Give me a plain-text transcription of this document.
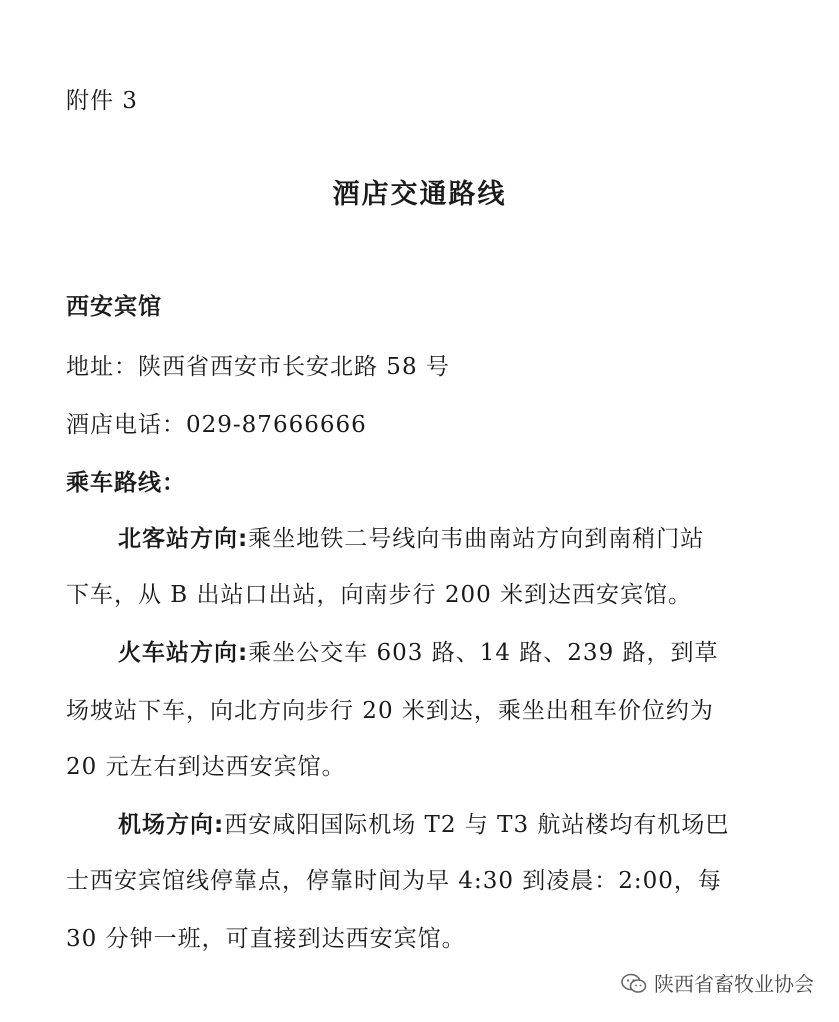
附件 3
酒店交通路线
西安宾馆
地址：陕西省西安市长安北路 58 号
酒店电话：029-87666666
乘车路线：
北客站方向:乘坐地铁二号线向韦曲南站方向到南稍门站
下车，从 B 出站口出站，向南步行 200 米到达西安宾馆。
火车站方向:乘坐公交车 603 路、14 路、239 路，到草
场坡站下车，向北方向步行 20 米到达，乘坐出租车价位约为
20 元左右到达西安宾馆。
机场方向:西安咸阳国际机场 T2 与 T3 航站楼均有机场巴
士西安宾馆线停靠点，停靠时间为早 4:30 到凌晨：2:00，每
30 分钟一班，可直接到达西安宾馆。
陕西省畜牧业协会
